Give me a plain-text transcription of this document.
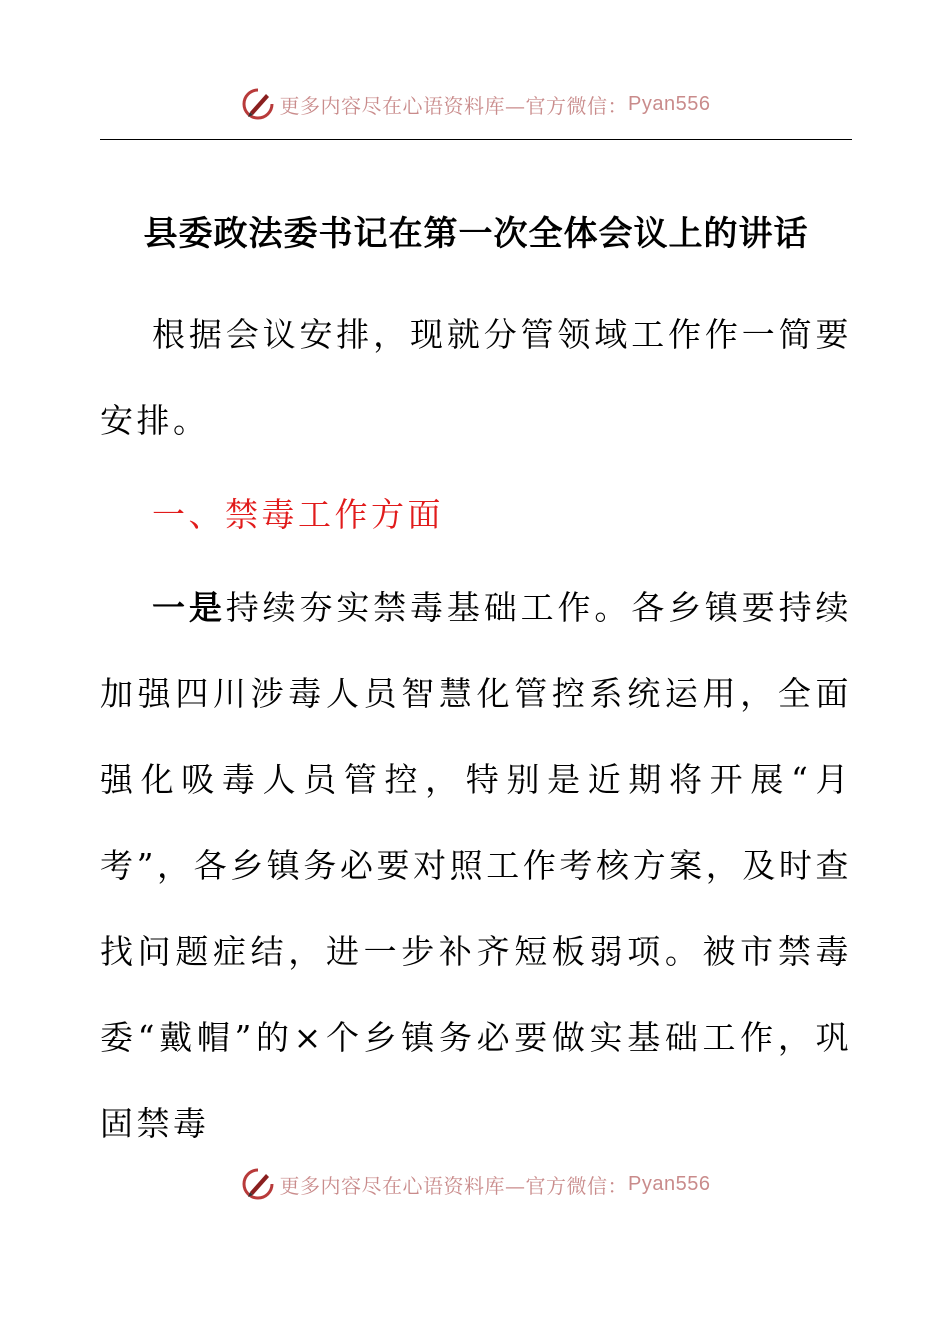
更多内容尽在心语资料库—官方微信： Pyan556
县委政法委书记在第一次全体会议上的讲话
根据会议安排，现就分管领域工作作一简要安排。
一、禁毒工作方面
一是持续夯实禁毒基础工作。各乡镇要持续加强四川涉毒人员智慧化管控系统运用，全面强化吸毒人员管控，特别是近期将开展“月考”，各乡镇务必要对照工作考核方案，及时查找问题症结，进一步补齐短板弱项。被市禁毒委“戴帽”的×个乡镇务必要做实基础工作，巩固禁毒
更多内容尽在心语资料库—官方微信： Pyan556
